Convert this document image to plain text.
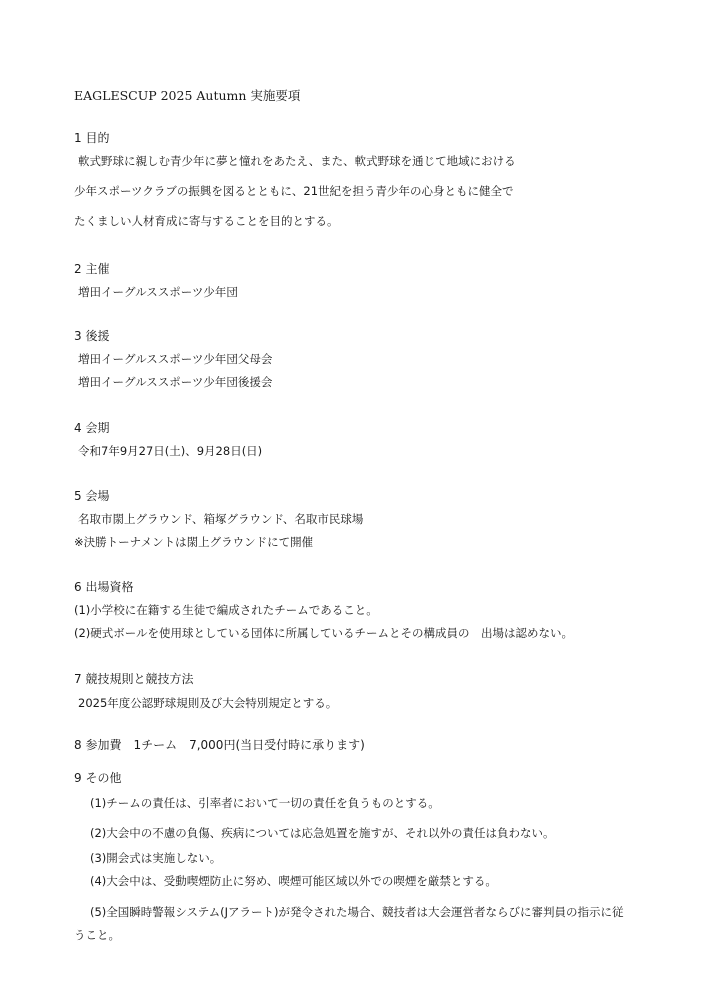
EAGLESCUP 2025 Autumn 実施要項
1 目的
軟式野球に親しむ青少年に夢と憧れをあたえ、また、軟式野球を通じて地域における
少年スポーツクラブの振興を図るとともに、21世紀を担う青少年の心身ともに健全で
たくましい人材育成に寄与することを目的とする。
2 主催
増田イーグルススポーツ少年団
3 後援
増田イーグルススポーツ少年団父母会
増田イーグルススポーツ少年団後援会
4 会期
令和7年9月27日(土)、9月28日(日)
5 会場
名取市閖上グラウンド、箱塚グラウンド、名取市民球場
※決勝トーナメントは閖上グラウンドにて開催
6 出場資格
(1)小学校に在籍する生徒で編成されたチームであること。
(2)硬式ボールを使用球としている団体に所属しているチームとその構成員の　出場は認めない。
7 競技規則と競技方法
2025年度公認野球規則及び大会特別規定とする。
8 参加費　1チーム　7,000円(当日受付時に承ります)
9 その他
(1)チームの責任は、引率者において一切の責任を負うものとする。
(2)大会中の不慮の負傷、疾病については応急処置を施すが、それ以外の責任は負わない。
(3)開会式は実施しない。
(4)大会中は、受動喫煙防止に努め、喫煙可能区域以外での喫煙を厳禁とする。
(5)全国瞬時警報システム(Jアラート)が発令された場合、競技者は大会運営者ならびに審判員の指示に従
うこと。
